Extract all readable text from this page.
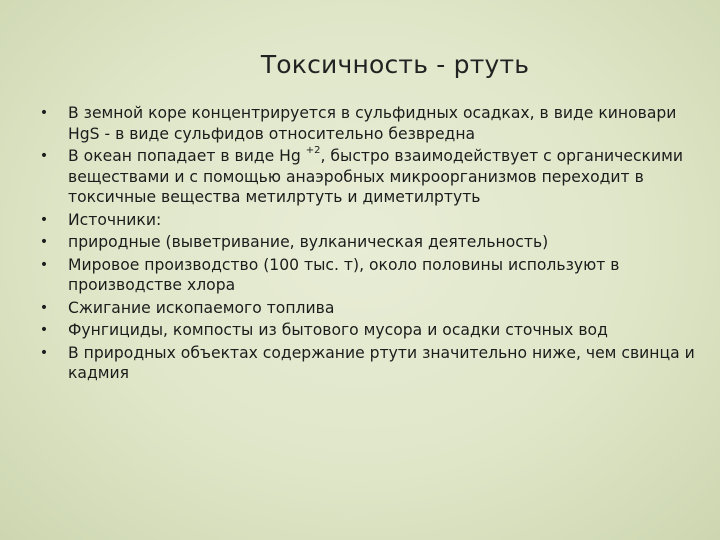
Токсичность - ртуть
• В земной коре концентрируется в сульфидных осадках, в виде киновари HgS - в виде сульфидов относительно безвредна
• В океан попадает в виде Hg $^{+2}$, быстро взаимодействует с органическими веществами и с помощью анаэробных микроорганизмов переходит в токсичные вещества метилртуть и диметилртуть
• Источники:
• природные (выветривание, вулканическая деятельность)
• Мировое производство (100 тыс. т), около половины используют в производстве хлора
• Сжигание ископаемого топлива
• Фунгициды, компосты из бытового мусора и осадки сточных вод
• В природных объектах содержание ртути значительно ниже, чем свинца и кадмия
